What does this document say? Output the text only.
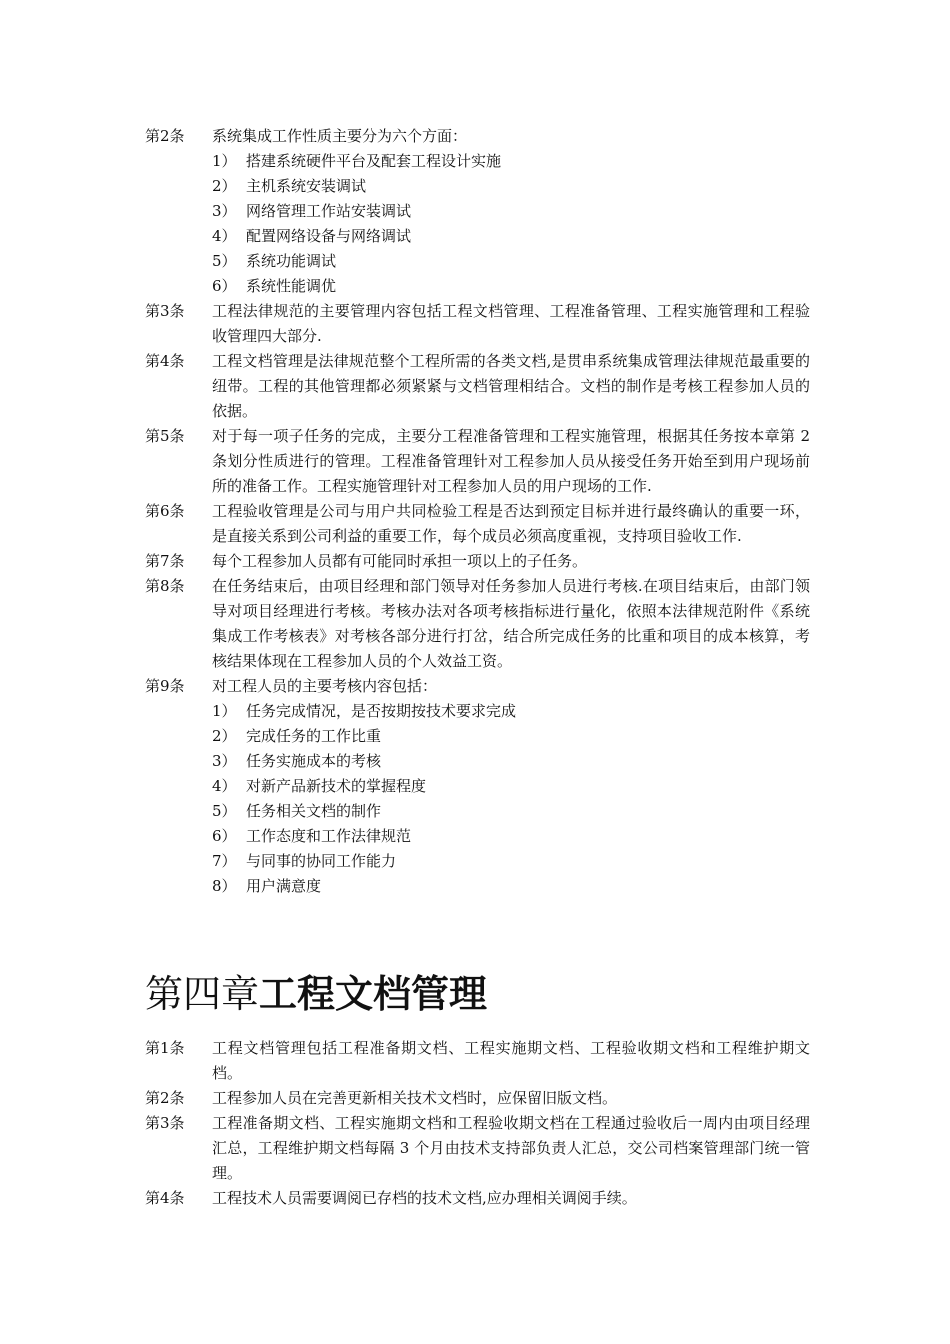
第2条	系统集成工作性质主要分为六个方面：
1） 搭建系统硬件平台及配套工程设计实施
2） 主机系统安装调试
3） 网络管理工作站安装调试
4） 配置网络设备与网络调试
5） 系统功能调试
6） 系统性能调优
第3条	工程法律规范的主要管理内容包括工程文档管理、工程准备管理、工程实施管理和工程验收管理四大部分.
第4条	工程文档管理是法律规范整个工程所需的各类文档,是贯串系统集成管理法律规范最重要的纽带。工程的其他管理都必须紧紧与文档管理相结合。文档的制作是考核工程参加人员的依据。
第5条	对于每一项子任务的完成，主要分工程准备管理和工程实施管理，根据其任务按本章第 2 条划分性质进行的管理。工程准备管理针对工程参加人员从接受任务开始至到用户现场前所的准备工作。工程实施管理针对工程参加人员的用户现场的工作.
第6条	工程验收管理是公司与用户共同检验工程是否达到预定目标并进行最终确认的重要一环，是直接关系到公司利益的重要工作，每个成员必须高度重视，支持项目验收工作.
第7条	每个工程参加人员都有可能同时承担一项以上的子任务。
第8条	在任务结束后，由项目经理和部门领导对任务参加人员进行考核.在项目结束后，由部门领导对项目经理进行考核。考核办法对各项考核指标进行量化，依照本法律规范附件《系统集成工作考核表》对考核各部分进行打岔，结合所完成任务的比重和项目的成本核算，考核结果体现在工程参加人员的个人效益工资。
第9条	对工程人员的主要考核内容包括：
1） 任务完成情况，是否按期按技术要求完成
2） 完成任务的工作比重
3） 任务实施成本的考核
4） 对新产品新技术的掌握程度
5） 任务相关文档的制作
6） 工作态度和工作法律规范
7） 与同事的协同工作能力
8） 用户满意度
第四章工程文档管理
第1条	工程文档管理包括工程准备期文档、工程实施期文档、工程验收期文档和工程维护期文档。
第2条	工程参加人员在完善更新相关技术文档时，应保留旧版文档。
第3条	工程准备期文档、工程实施期文档和工程验收期文档在工程通过验收后一周内由项目经理汇总，工程维护期文档每隔 3 个月由技术支持部负责人汇总，交公司档案管理部门统一管理。
第4条	工程技术人员需要调阅已存档的技术文档,应办理相关调阅手续。
